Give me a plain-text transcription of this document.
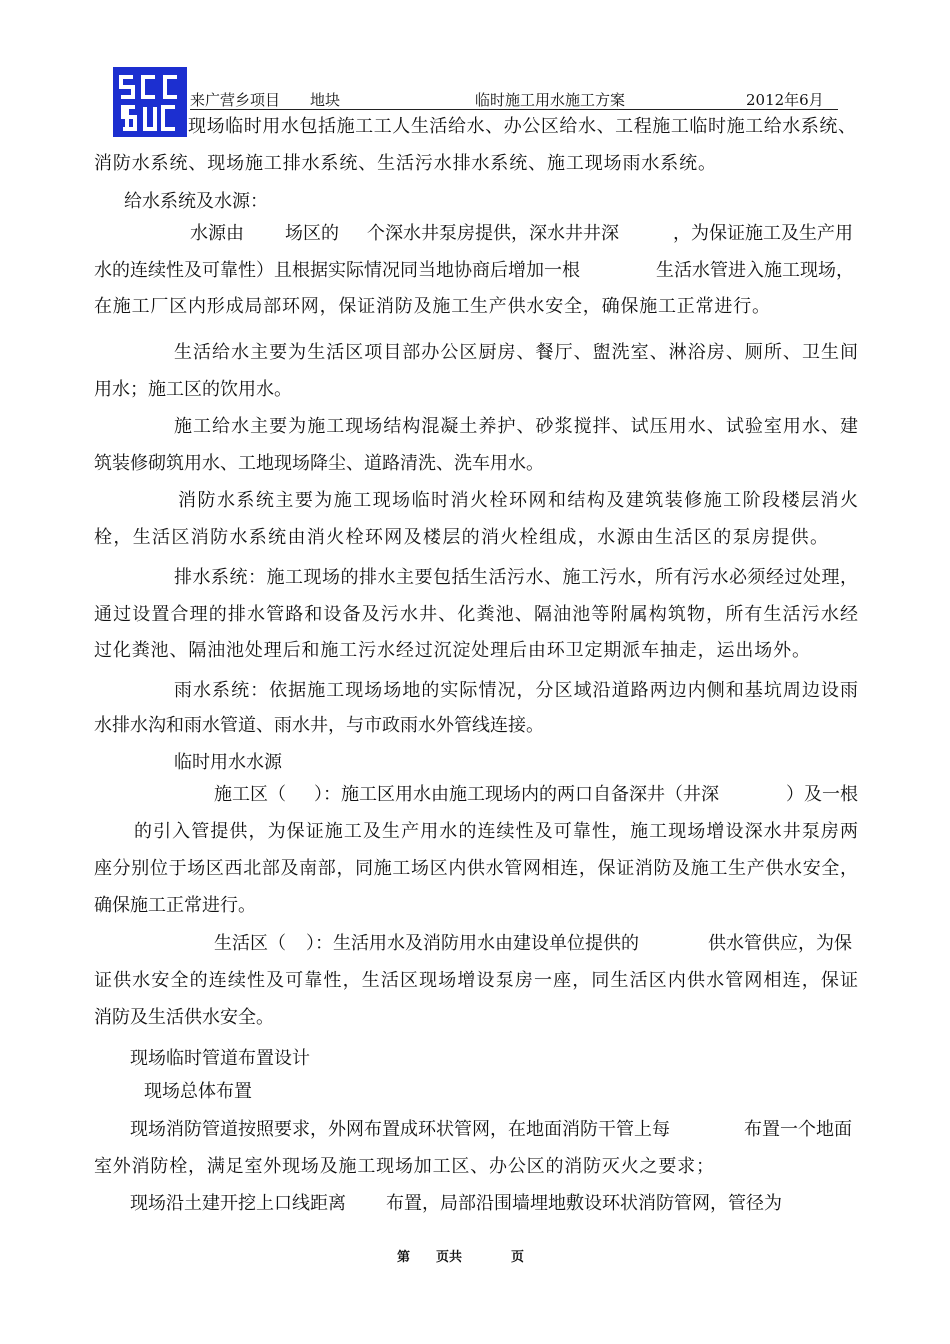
来广营乡项目 地块	临时施工用水施工方案	2012年6月
现场临时用水包括施工工人生活给水、办公区给水、工程施工临时施工给水系统、
消防水系统、现场施工排水系统、生活污水排水系统、施工现场雨水系统。
给水系统及水源：
水源由 场区的 个深水井泵房提供，深水井井深	，为保证施工及生产用
水的连续性及可靠性）且根据实际情况同当地协商后增加一根	生活水管进入施工现场，
在施工厂区内形成局部环网，保证消防及施工生产供水安全，确保施工正常进行。
生活给水主要为生活区项目部办公区厨房、餐厅、盥洗室、淋浴房、厕所、卫生间
用水；施工区的饮用水。
施工给水主要为施工现场结构混凝土养护、砂浆搅拌、试压用水、试验室用水、建
筑装修砌筑用水、工地现场降尘、道路清洗、洗车用水。
消防水系统主要为施工现场临时消火栓环网和结构及建筑装修施工阶段楼层消火
栓，生活区消防水系统由消火栓环网及楼层的消火栓组成，水源由生活区的泵房提供。
排水系统：施工现场的排水主要包括生活污水、施工污水，所有污水必须经过处理，
通过设置合理的排水管路和设备及污水井、化粪池、隔油池等附属构筑物，所有生活污水经
过化粪池、隔油池处理后和施工污水经过沉淀处理后由环卫定期派车抽走，运出场外。
雨水系统：依据施工现场场地的实际情况，分区域沿道路两边内侧和基坑周边设雨
水排水沟和雨水管道、雨水井，与市政雨水外管线连接。
临时用水水源
施工区（ ）：施工区用水由施工现场内的两口自备深井（井深	）及一根
的引入管提供，为保证施工及生产用水的连续性及可靠性，施工现场增设深水井泵房两
座分别位于场区西北部及南部，同施工场区内供水管网相连，保证消防及施工生产供水安全，
确保施工正常进行。
生活区（ ）：生活用水及消防用水由建设单位提供的	供水管供应，为保
证供水安全的连续性及可靠性，生活区现场增设泵房一座，同生活区内供水管网相连，保证
消防及生活供水安全。
现场临时管道布置设计
现场总体布置
现场消防管道按照要求，外网布置成环状管网，在地面消防干管上每	布置一个地面
室外消防栓，满足室外现场及施工现场加工区、办公区的消防灭火之要求；
现场沿土建开挖上口线距离 布置，局部沿围墙埋地敷设环状消防管网，管径为
第 页共	页
